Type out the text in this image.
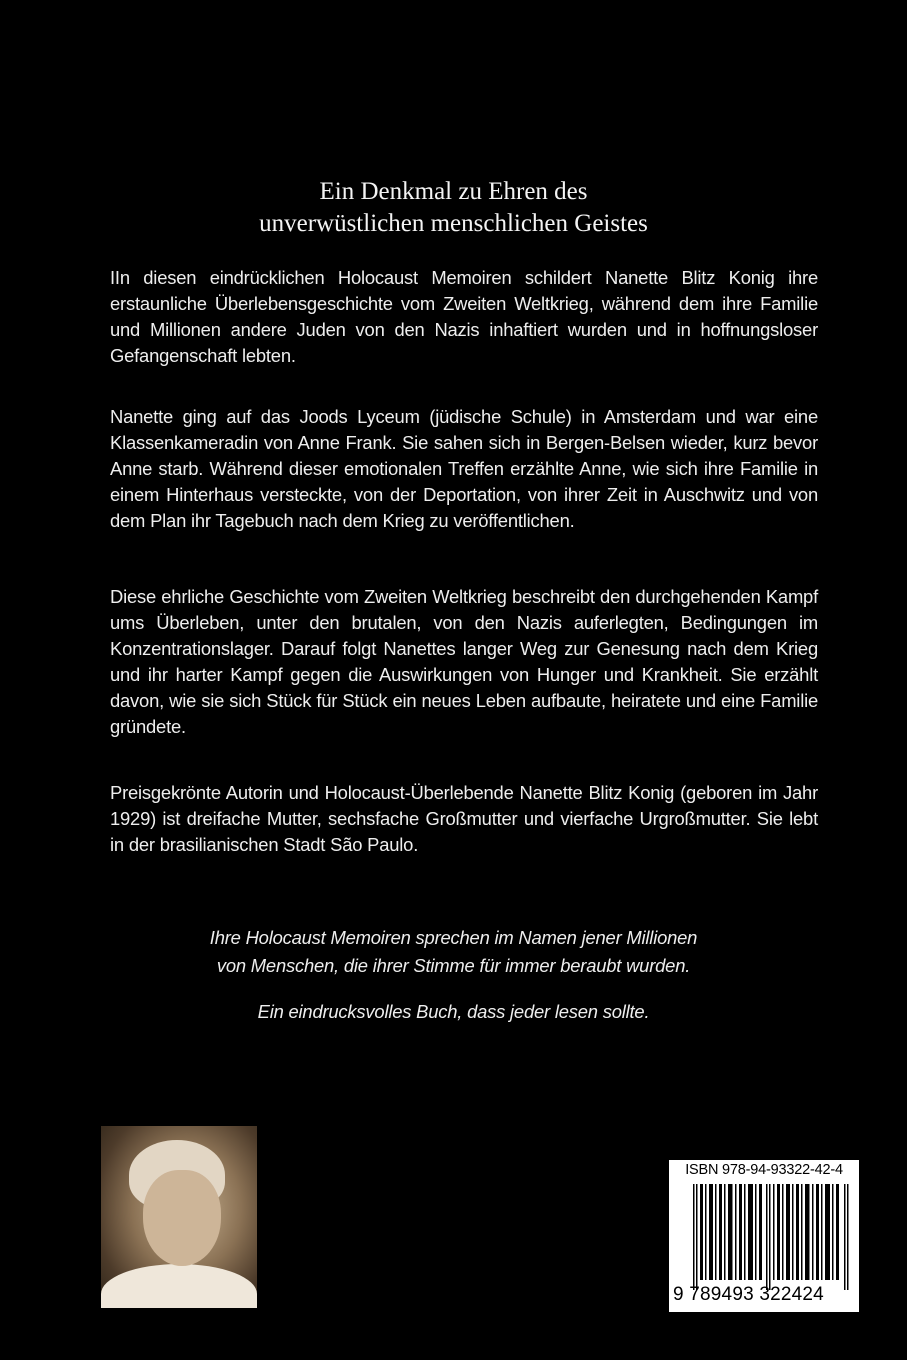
Ein Denkmal zu Ehren des
unverwüstlichen menschlichen Geistes
IIn diesen eindrücklichen Holocaust Memoiren schildert Nanette Blitz Konig ihre erstaunliche Überlebensgeschichte vom Zweiten Weltkrieg, während dem ihre Familie und Millionen andere Juden von den Nazis inhaftiert wurden und in hoffnungsloser Gefangenschaft lebten.
Nanette ging auf das Joods Lyceum (jüdische Schule) in Amsterdam und war eine Klassenkameradin von Anne Frank. Sie sahen sich in Bergen-Belsen wieder, kurz bevor Anne starb. Während dieser emotionalen Treffen erzählte Anne, wie sich ihre Familie in einem Hinterhaus versteckte, von der Deportation, von ihrer Zeit in Auschwitz und von dem Plan ihr Tagebuch nach dem Krieg zu veröffentlichen.
Diese ehrliche Geschichte vom Zweiten Weltkrieg beschreibt den durchgehenden Kampf ums Überleben, unter den brutalen, von den Nazis auferlegten, Bedingungen im Konzentrationslager. Darauf folgt Nanettes langer Weg zur Genesung nach dem Krieg und ihr harter Kampf gegen die Auswirkungen von Hunger und Krankheit. Sie erzählt davon, wie sie sich Stück für Stück ein neues Leben aufbaute, heiratete und eine Familie gründete.
Preisgekrönte Autorin und Holocaust-Überlebende Nanette Blitz Konig (geboren im Jahr 1929) ist dreifache Mutter, sechsfache Großmutter und vierfache Urgroßmutter. Sie lebt in der brasilianischen Stadt São Paulo.
Ihre Holocaust Memoiren sprechen im Namen jener Millionen
von Menschen, die ihrer Stimme für immer beraubt wurden.
Ein eindrucksvolles Buch, dass jeder lesen sollte.
ISBN 978-94-93322-42-4
9 789493 322424
